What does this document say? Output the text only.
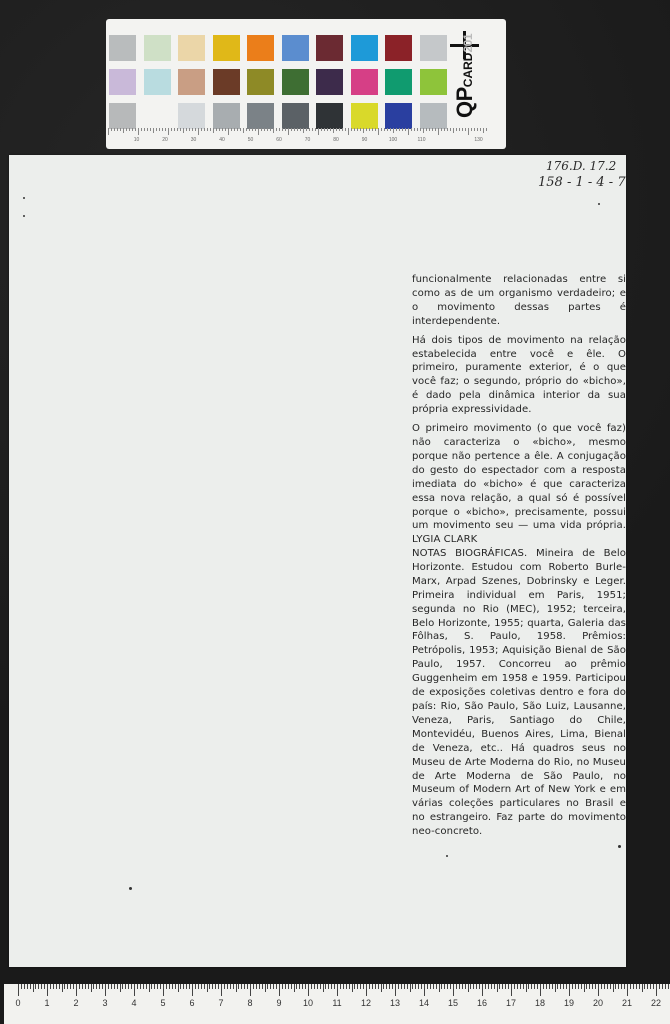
QPCARD201
10	20	30	40	50	60	70	80	90	100	110	130
176.D. 17.2
158 - 1 - 4 - 7

funcionalmente relacionadas entre si como as de um organismo verdadeiro; e o movimento dessas partes é interdependente.

Há dois tipos de movimento na relação estabelecida entre você e êle. O primeiro, puramente exterior, é o que você faz; o segundo, próprio do «bicho», é dado pela dinâmica interior da sua própria expressividade.

O primeiro movimento (o que você faz) não caracteriza o «bicho», mesmo porque não pertence a êle. A conjugação do gesto do espectador com a resposta imediata do «bicho» é que caracteriza essa nova relação, a qual só é possível porque o «bicho», precisamente, possui um movimento seu — uma vida própria. LYGIA CLARK

NOTAS BIOGRÁFICAS. Mineira de Belo Horizonte. Estudou com Roberto Burle-Marx, Arpad Szenes, Dobrinsky e Leger. Primeira individual em Paris, 1951; segunda no Rio (MEC), 1952; terceira, Belo Horizonte, 1955; quarta, Galeria das Fôlhas, S. Paulo, 1958. Prêmios: Petrópolis, 1953; Aquisição Bienal de São Paulo, 1957. Concorreu ao prêmio Guggenheim em 1958 e 1959. Participou de exposições coletivas dentro e fora do país: Rio, São Paulo, São Luiz, Lausanne, Veneza, Paris, Santiago do Chile, Montevidéu, Buenos Aires, Lima, Bienal de Veneza, etc.. Há quadros seus no Museu de Arte Moderna do Rio, no Museu de Arte Moderna de São Paulo, no Museum of Modern Art of New York e em várias coleções particulares no Brasil e no estrangeiro. Faz parte do movimento neo-concreto.

0	1	2	3	4	5	6	7	8	9 10 11 12 13 14 15 16 17 18 19 20 21 22
